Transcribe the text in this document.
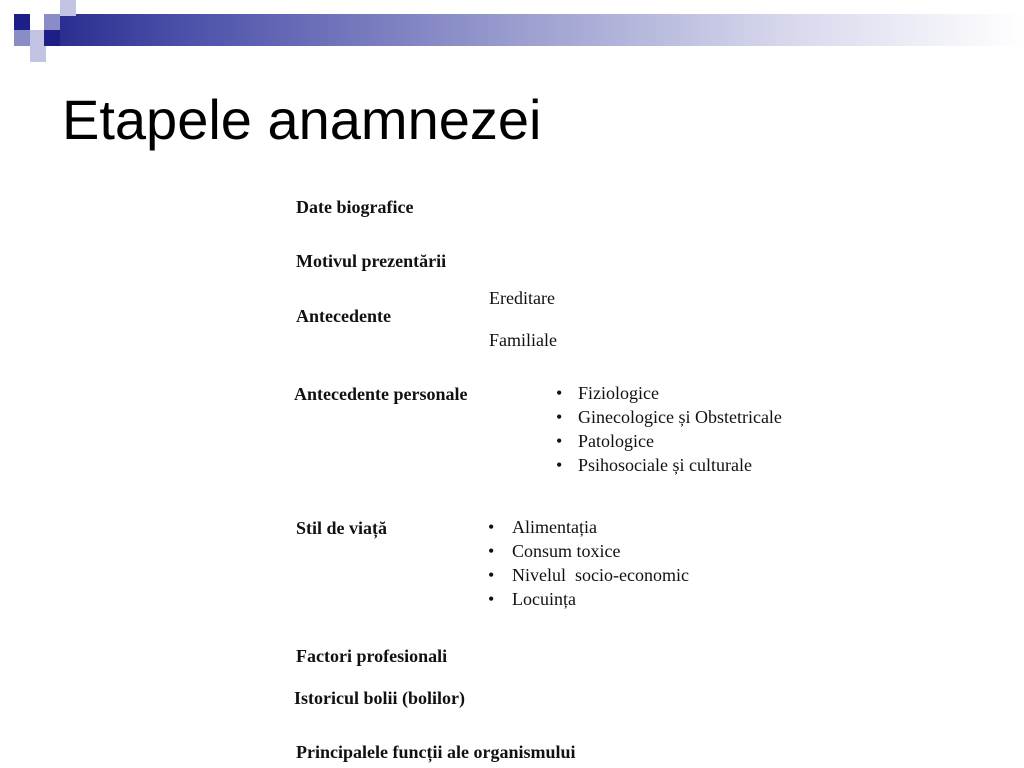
Etapele anamnezei
Date biografice
Motivul prezentării
Antecedente
Ereditare
Familiale
Antecedente personale	• Fiziologice
• Ginecologice și Obstetricale
• Patologice
• Psihosociale și culturale
Stil de viață	• Alimentația
• Consum toxice
• Nivelul  socio-economic
• Locuința
Factori profesionali
Istoricul bolii (bolilor)
Principalele funcții ale organismului
